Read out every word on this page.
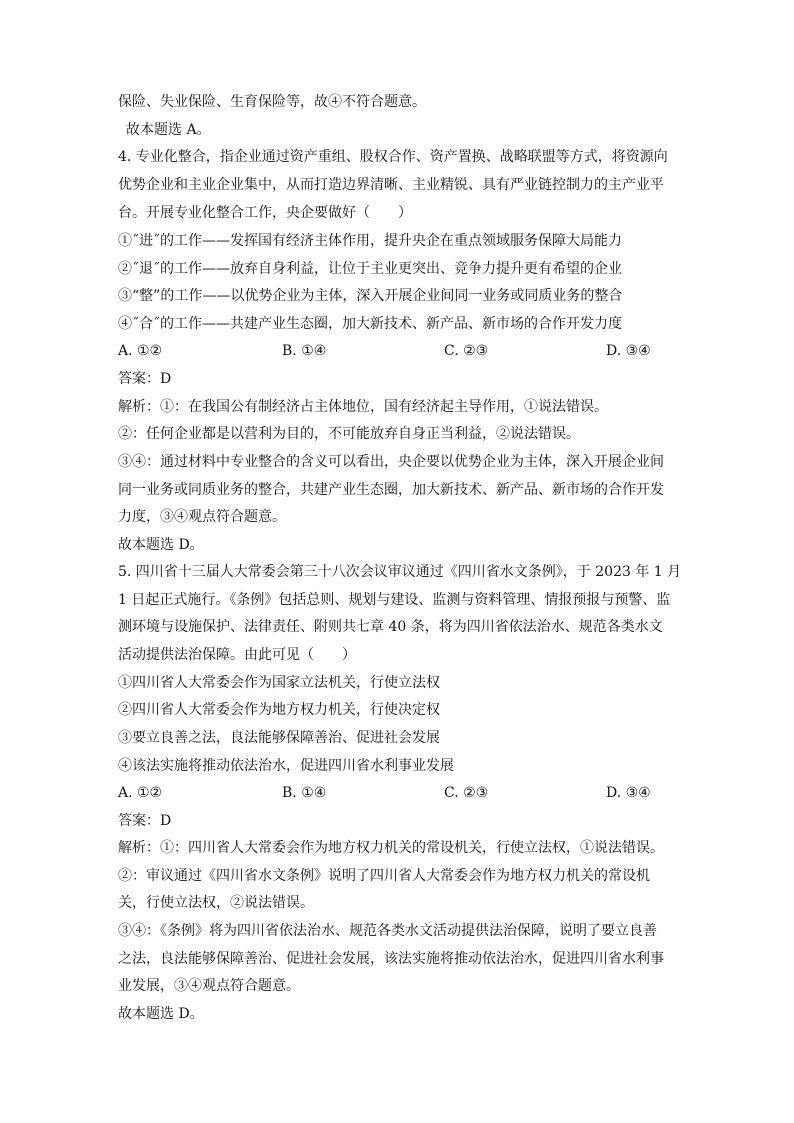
保险、失业保险、生育保险等，故④不符合题意。
故本题选 A。
4. 专业化整合，指企业通过资产重组、股权合作、资产置换、战略联盟等方式，将资源向
优势企业和主业企业集中，从而打造边界清晰、主业精锐、具有严业链控制力的主产业平
台。开展专业化整合工作，央企要做好（　　）
①˝进˝的工作——发挥国有经济主体作用，提升央企在重点领域服务保障大局能力
②˝退˝的工作——放弃自身利益，让位于主业更突出、竞争力提升更有希望的企业
③“整”的工作——以优势企业为主体，深入开展企业间同一业务或同质业务的整合
④˝合˝的工作——共建产业生态圈，加大新技术、新产品、新市场的合作开发力度
A. ①②	B. ①④	C. ②③	D. ③④
答案：D
解析：①：在我国公有制经济占主体地位，国有经济起主导作用，①说法错误。
②：任何企业都是以营利为目的，不可能放弃自身正当利益，②说法错误。
③④：通过材料中专业整合的含义可以看出，央企要以优势企业为主体，深入开展企业间
同一业务或同质业务的整合，共建产业生态圈，加大新技术、新产品、新市场的合作开发
力度，③④观点符合题意。
故本题选 D。
5. 四川省十三届人大常委会第三十八次会议审议通过《四川省水文条例》，于 2023 年 1 月
1 日起正式施行。《条例》包括总则、规划与建设、监测与资料管理、情报预报与预警、监
测环境与设施保护、法律责任、附则共七章 40 条，将为四川省依法治水、规范各类水文
活动提供法治保障。由此可见（　　）
①四川省人大常委会作为国家立法机关，行使立法权
②四川省人大常委会作为地方权力机关，行使决定权
③要立良善之法，良法能够保障善治、促进社会发展
④该法实施将推动依法治水，促进四川省水利事业发展
A. ①②	B. ①④	C. ②③	D. ③④
答案：D
解析：①：四川省人大常委会作为地方权力机关的常设机关，行使立法权，①说法错误。
②：审议通过《四川省水文条例》说明了四川省人大常委会作为地方权力机关的常设机
关，行使立法权，②说法错误。
③④：《条例》将为四川省依法治水、规范各类水文活动提供法治保障，说明了要立良善
之法，良法能够保障善治、促进社会发展，该法实施将推动依法治水，促进四川省水利事
业发展，③④观点符合题意。
故本题选 D。
